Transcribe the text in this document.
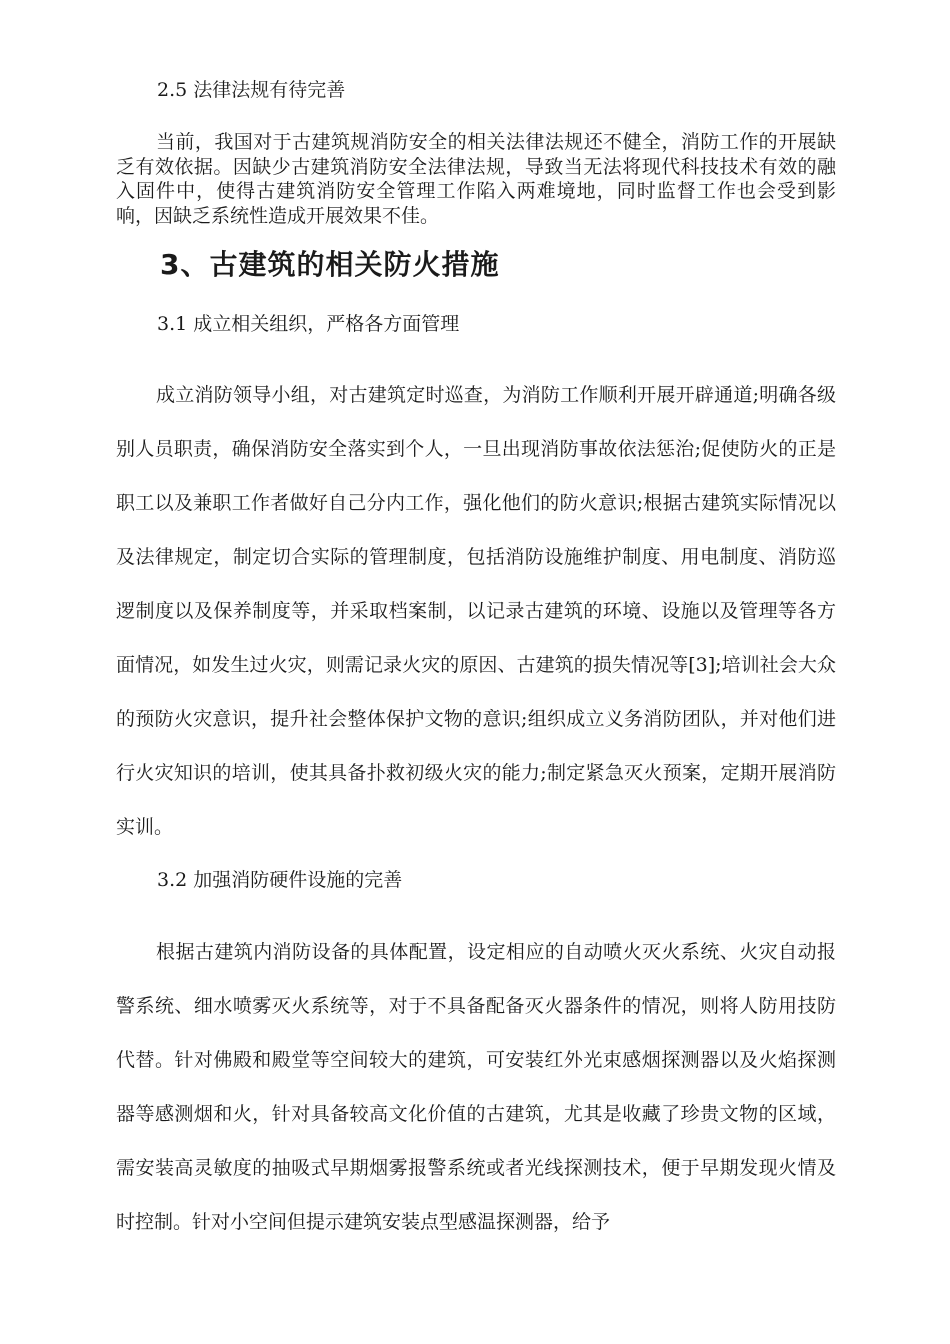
2.5 法律法规有待完善

当前，我国对于古建筑规消防安全的相关法律法规还不健全，消防工作的开展缺乏有效依据。因缺少古建筑消防安全法律法规，导致当无法将现代科技技术有效的融入固件中，使得古建筑消防安全管理工作陷入两难境地，同时监督工作也会受到影响，因缺乏系统性造成开展效果不佳。

3、古建筑的相关防火措施
3.1 成立相关组织，严格各方面管理

成立消防领导小组，对古建筑定时巡查，为消防工作顺利开展开辟通道;明确各级别人员职责，确保消防安全落实到个人，一旦出现消防事故依法惩治;促使防火的正是职工以及兼职工作者做好自己分内工作，强化他们的防火意识;根据古建筑实际情况以及法律规定，制定切合实际的管理制度，包括消防设施维护制度、用电制度、消防巡逻制度以及保养制度等，并采取档案制，以记录古建筑的环境、设施以及管理等各方面情况，如发生过火灾，则需记录火灾的原因、古建筑的损失情况等[3];培训社会大众的预防火灾意识，提升社会整体保护文物的意识;组织成立义务消防团队，并对他们进行火灾知识的培训，使其具备扑救初级火灾的能力;制定紧急灭火预案，定期开展消防实训。

3.2 加强消防硬件设施的完善

根据古建筑内消防设备的具体配置，设定相应的自动喷火灭火系统、火灾自动报警系统、细水喷雾灭火系统等，对于不具备配备灭火器条件的情况，则将人防用技防代替。针对佛殿和殿堂等空间较大的建筑，可安装红外光束感烟探测器以及火焰探测器等感测烟和火，针对具备较高文化价值的古建筑，尤其是收藏了珍贵文物的区域，需安装高灵敏度的抽吸式早期烟雾报警系统或者光线探测技术，便于早期发现火情及时控制。针对小空间但提示建筑安装点型感温探测器，给予
